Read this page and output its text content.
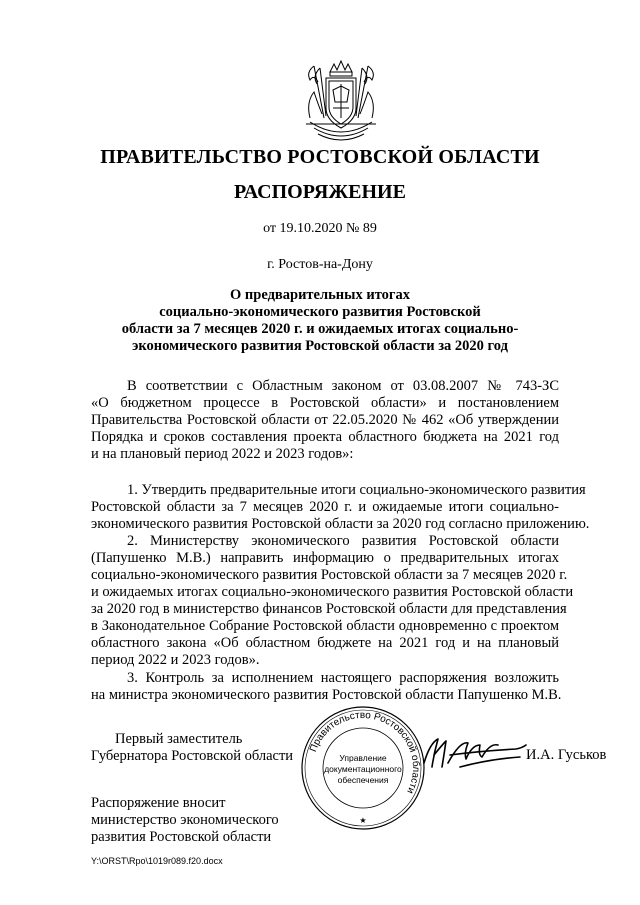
ПРАВИТЕЛЬСТВО РОСТОВСКОЙ ОБЛАСТИ
РАСПОРЯЖЕНИЕ
от 19.10.2020 № 89
г. Ростов-на-Дону
О предварительных итогах
социально-экономического развития Ростовской
области за 7 месяцев 2020 г. и ожидаемых итогах социально-
экономического развития Ростовской области за 2020 год
В соответствии с Областным законом от 03.08.2007 № 743-ЗС
«О бюджетном процессе в Ростовской области» и постановлением
Правительства Ростовской области от 22.05.2020 № 462 «Об утверждении
Порядка и сроков составления проекта областного бюджета на 2021 год
и на плановый период 2022 и 2023 годов»:
1. Утвердить предварительные итоги социально-экономического развития
Ростовской области за 7 месяцев 2020 г. и ожидаемые итоги социально-
экономического развития Ростовской области за 2020 год согласно приложению.
2. Министерству экономического развития Ростовской области
(Папушенко М.В.) направить информацию о предварительных итогах
социально-экономического развития Ростовской области за 7 месяцев 2020 г.
и ожидаемых итогах социально-экономического развития Ростовской области
за 2020 год в министерство финансов Ростовской области для представления
в Законодательное Собрание Ростовской области одновременно с проектом
областного закона «Об областном бюджете на 2021 год и на плановый
период 2022 и 2023 годов».
3. Контроль за исполнением настоящего распоряжения возложить
на министра экономического развития Ростовской области Папушенко М.В.
Первый заместитель
Губернатора Ростовской области Правительство Ростовской области
Управление
документационного
обеспечения
★
И.А. Гуськов
Распоряжение вносит
министерство экономического
развития Ростовской области
Y:\ORST\Rpo\1019r089.f20.docx
